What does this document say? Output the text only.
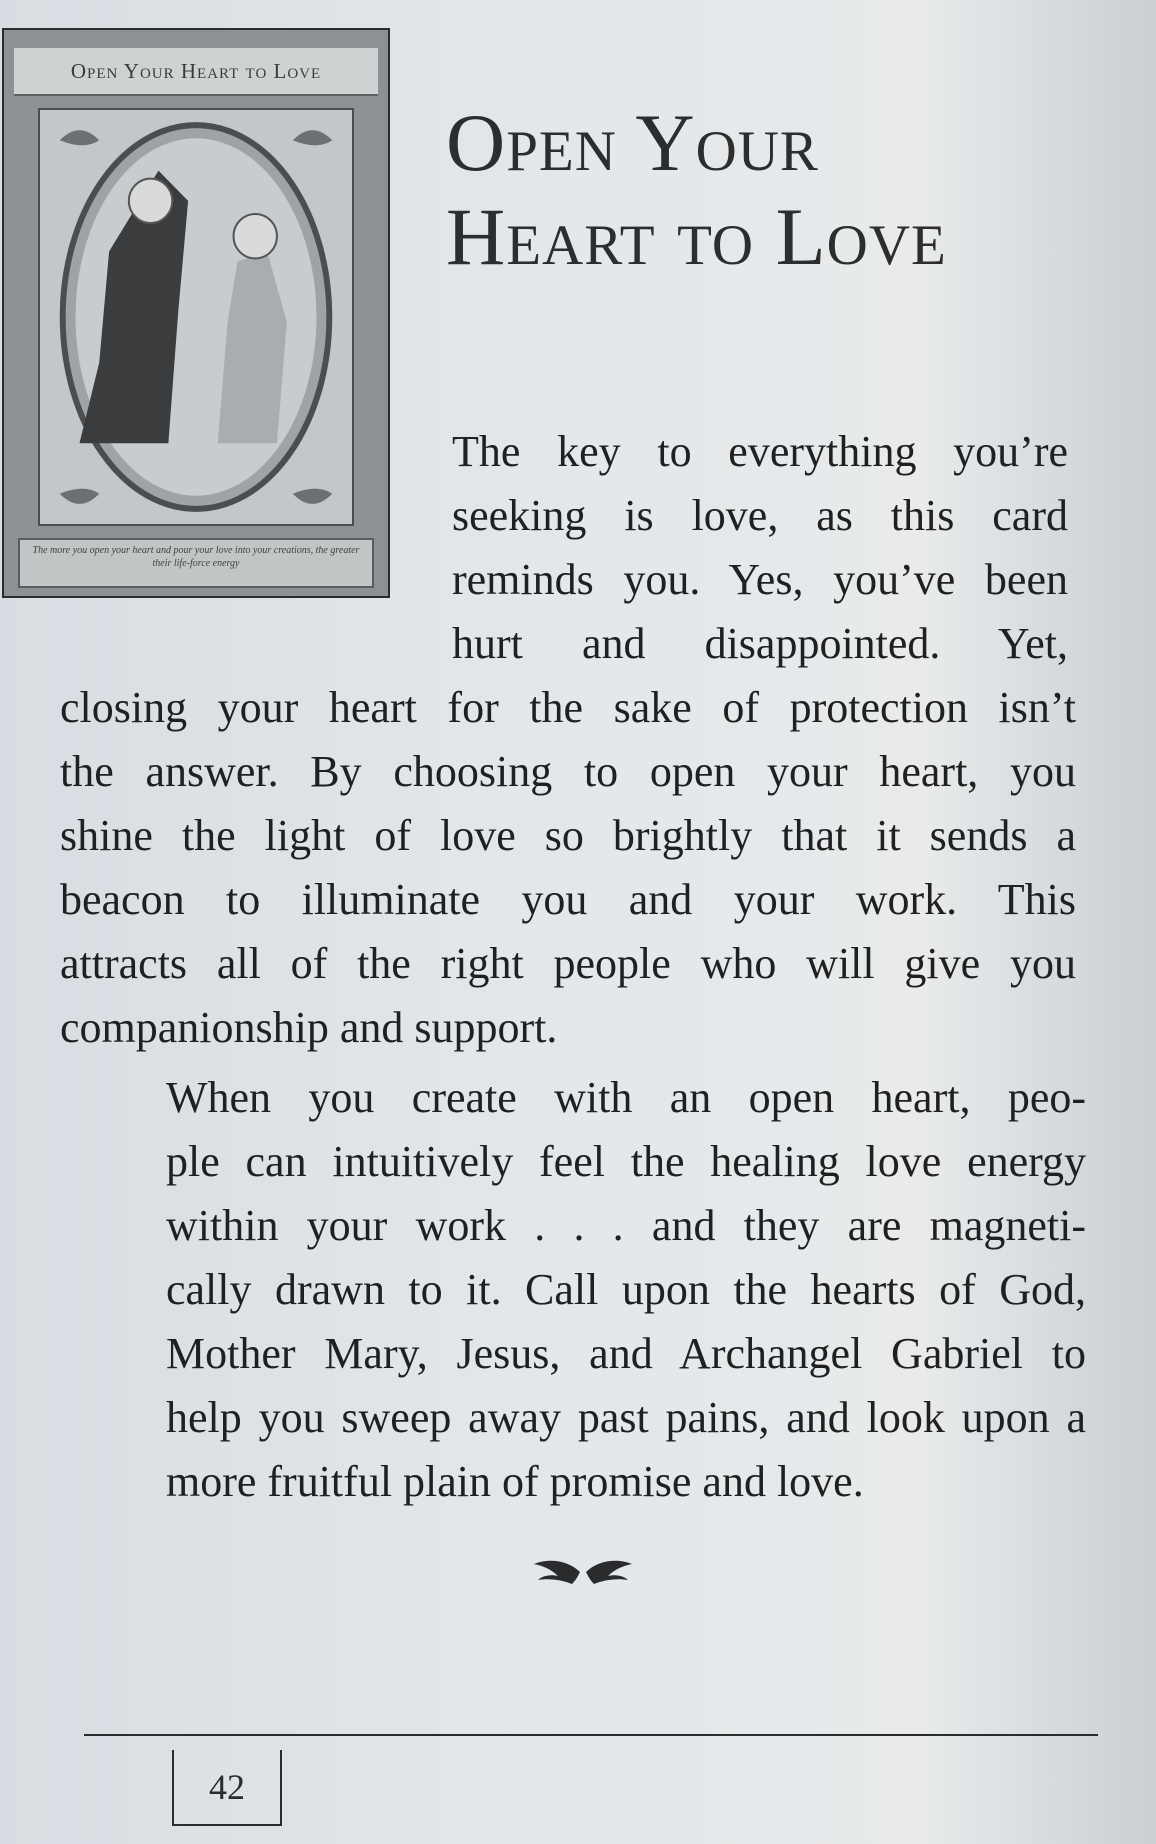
Open Your Heart to Love
The more you open your heart and pour your love into your creations, the greater their life-force energy
Open Your Heart to Love

The key to everything you’re
seeking is love, as this card
reminds you. Yes, you’ve been
hurt and disappointed. Yet,

closing your heart for the sake of protection isn’t
the answer. By choosing to open your heart, you
shine the light of love so brightly that it sends a
beacon to illuminate you and your work. This
attracts all of the right people who will give you
companionship and support.

When you create with an open heart, peo-
ple can intuitively feel the healing love energy
within your work . . . and they are magneti-
cally drawn to it. Call upon the hearts of God,
Mother Mary, Jesus, and Archangel Gabriel to
help you sweep away past pains, and look upon a
more fruitful plain of promise and love.

42
